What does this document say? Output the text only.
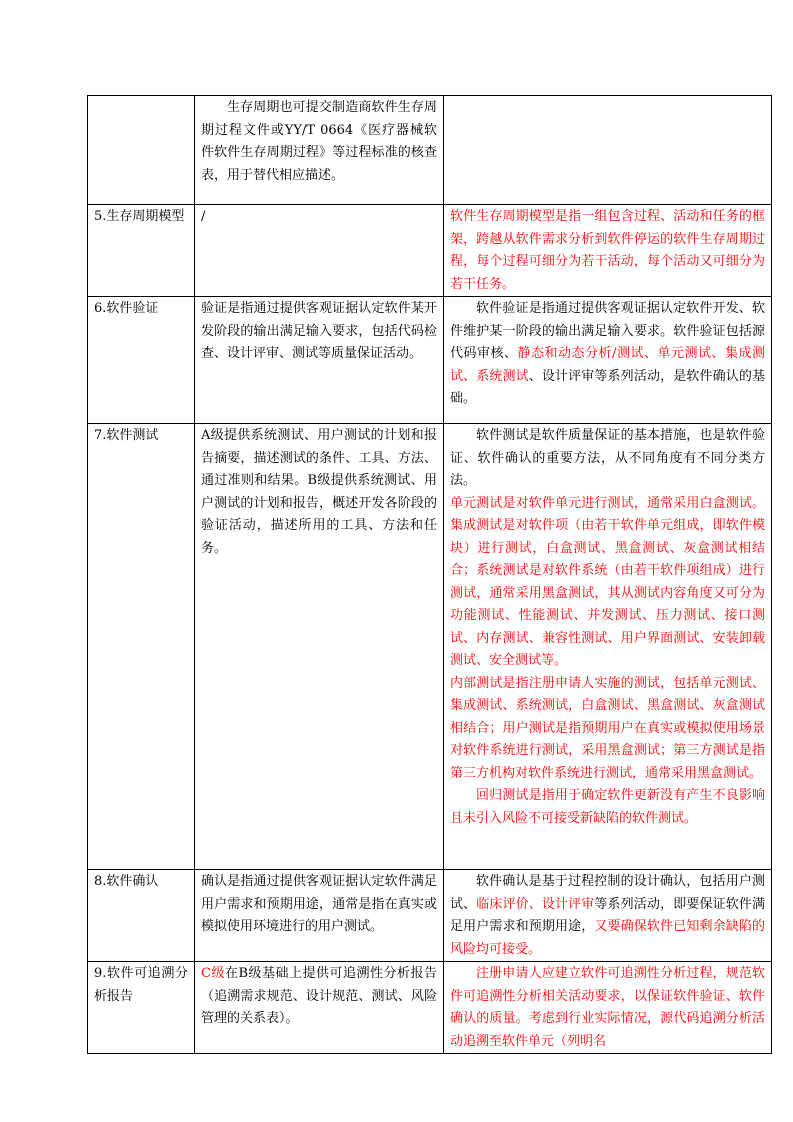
	生存周期也可提交制造商软件生存周期过程文件或YY/T 0664《医疗器械软件软件生存周期过程》等过程标准的核查表，用于替代相应描述。	

5.生存周期模型	/	软件生存周期模型是指一组包含过程、活动和任务的框架，跨越从软件需求分析到软件停运的软件生存周期过程，每个过程可细分为若干活动，每个活动又可细分为若干任务。

6.软件验证	验证是指通过提供客观证据认定软件某开发阶段的输出满足输入要求，包括代码检查、设计评审、测试等质量保证活动。	软件验证是指通过提供客观证据认定软件开发、软件维护某一阶段的输出满足输入要求。软件验证包括源代码审核、静态和动态分析/测试、单元测试、集成测试、系统测试、设计评审等系列活动，是软件确认的基础。

7.软件测试	A级提供系统测试、用户测试的计划和报告摘要，描述测试的条件、工具、方法、通过准则和结果。B级提供系统测试、用户测试的计划和报告，概述开发各阶段的验证活动，描述所用的工具、方法和任务。	软件测试是软件质量保证的基本措施，也是软件验证、软件确认的重要方法，从不同角度有不同分类方法。

单元测试是对软件单元进行测试，通常采用白盒测试。 集成测试是对软件项（由若干软件单元组成，即软件模块）进行测试，白盒测试、黑盒测试、灰盒测试相结合；系统测试是对软件系统（由若干软件项组成）进行测试，通常采用黑盒测试，其从测试内容角度又可分为功能测试、性能测试、并发测试、压力测试、接口测试、内存测试、兼容性测试、用户界面测试、安装卸载测试、安全测试等。

内部测试是指注册申请人实施的测试，包括单元测试、集成测试、系统测试，白盒测试、黑盒测试、灰盒测试相结合；用户测试是指预期用户在真实或模拟使用场景对软件系统进行测试，采用黑盒测试；第三方测试是指第三方机构对软件系统进行测试，通常采用黑盒测试。

回归测试是指用于确定软件更新没有产生不良影响且未引入风险不可接受新缺陷的软件测试。

8.软件确认	确认是指通过提供客观证据认定软件满足用户需求和预期用途，通常是指在真实或模拟使用环境进行的用户测试。	软件确认是基于过程控制的设计确认，包括用户测试、临床评价、设计评审等系列活动，即要保证软件满足用户需求和预期用途，又要确保软件已知剩余缺陷的风险均可接受。

9.软件可追溯分析报告	C级在B级基础上提供可追溯性分析报告（追溯需求规范、设计规范、测试、风险管理的关系表）。	注册申请人应建立软件可追溯性分析过程，规范软件可追溯性分析相关活动要求，以保证软件验证、软件确认的质量。考虑到行业实际情况，源代码追溯分析活动追溯至软件单元（列明名
